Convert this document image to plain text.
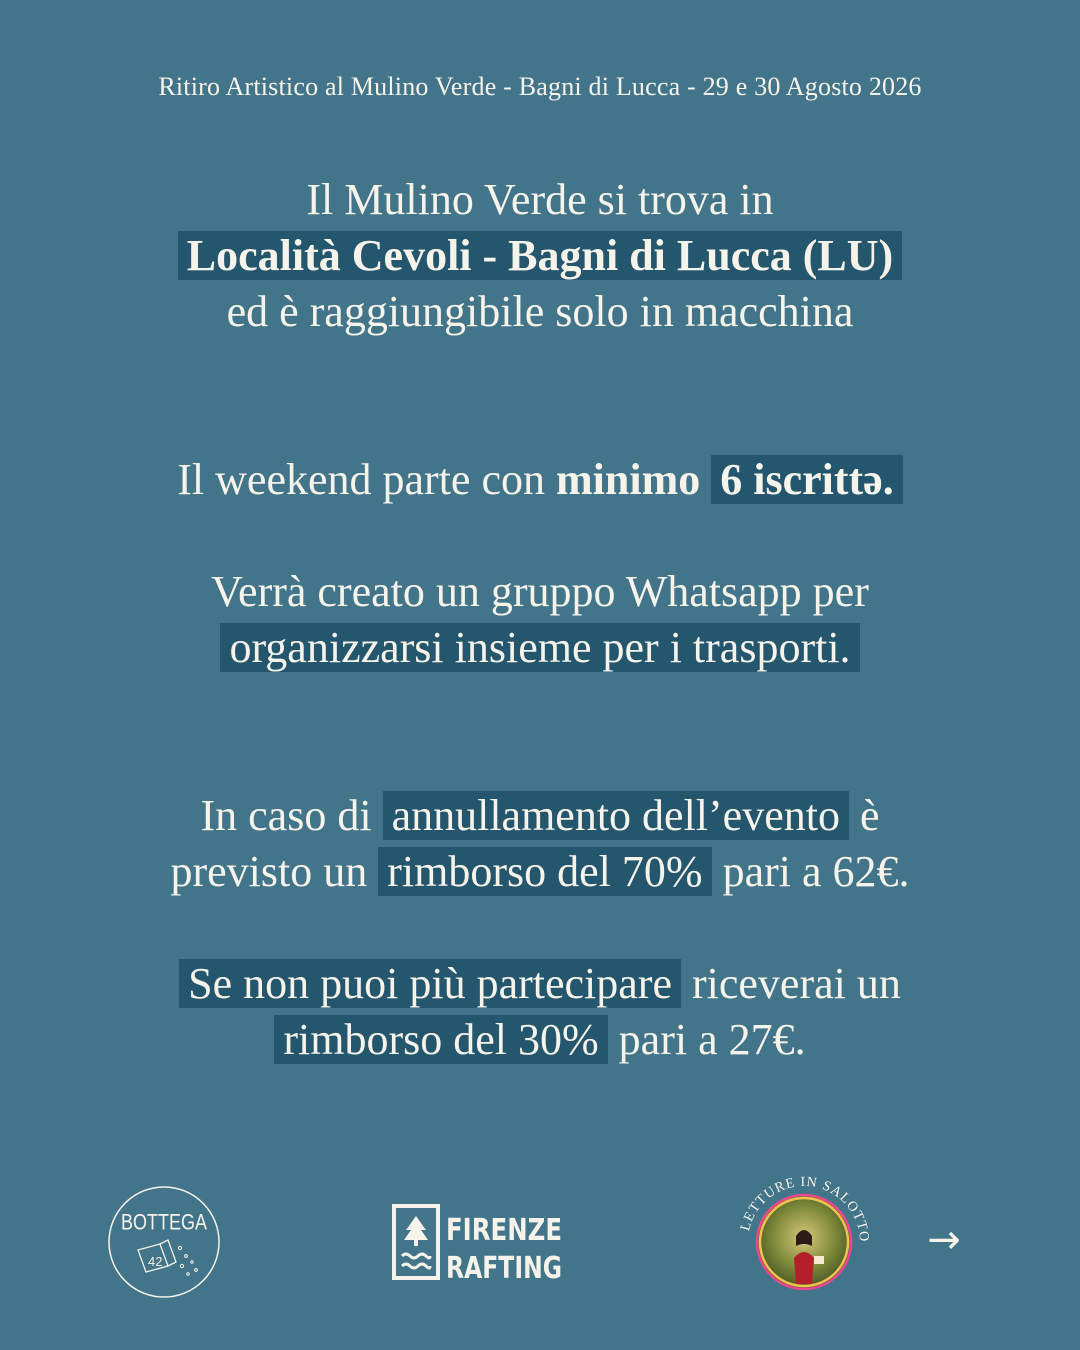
Ritiro Artistico al Mulino Verde - Bagni di Lucca - 29 e 30 Agosto 2026
Il Mulino Verde si trova in
Località Cevoli - Bagni di Lucca (LU)
ed è raggiungibile solo in macchina
Il weekend parte con minimo 6 iscrittə.
Verrà creato un gruppo Whatsapp per
organizzarsi insieme per i trasporti.
In caso di annullamento dell’evento è
previsto un rimborso del 70% pari a 62€.
Se non puoi più partecipare riceverai un
rimborso del 30% pari a 27€.
BOTTEGA
42
FIRENZE
RAFTING
LETTURE IN SALOTTO →
